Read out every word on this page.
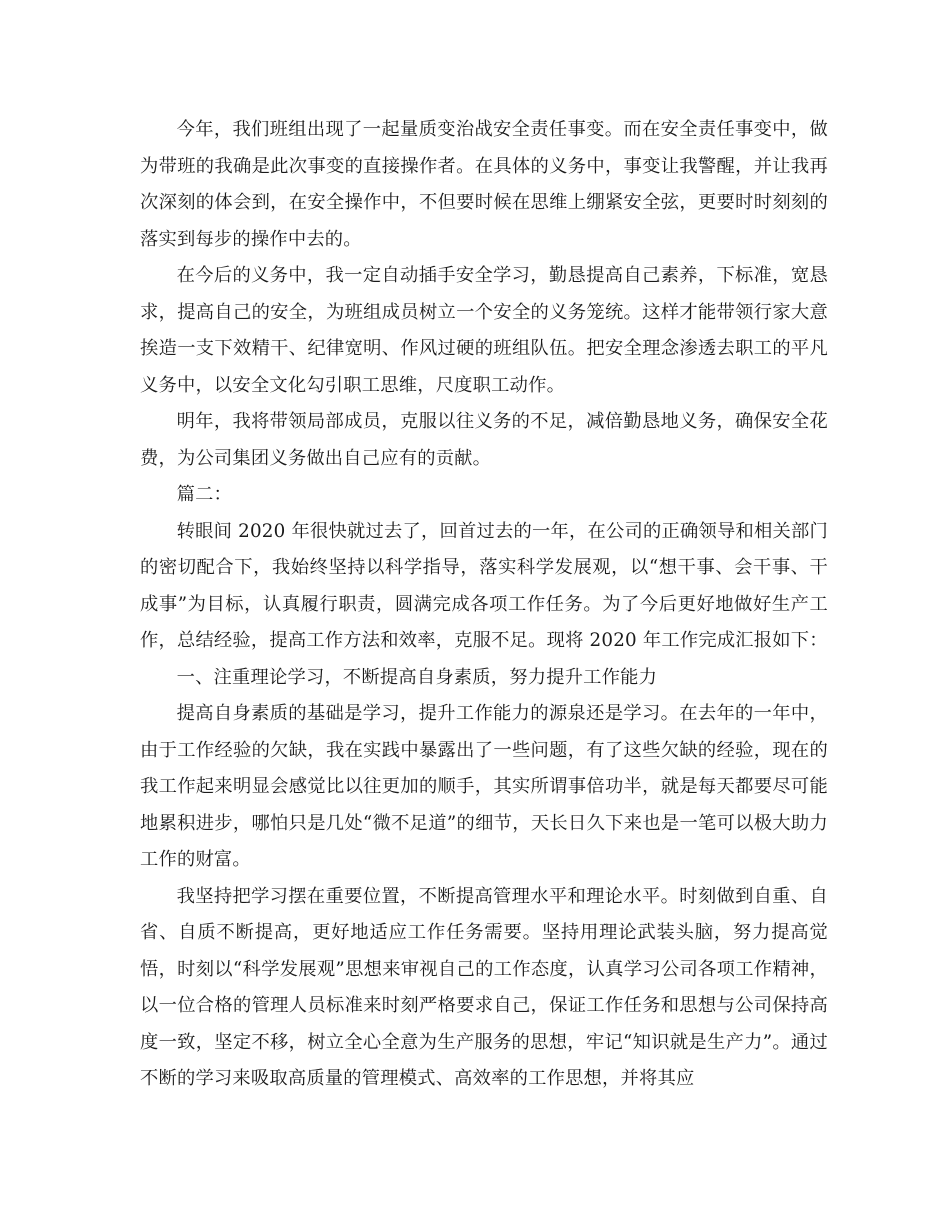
今年，我们班组出现了一起量质变治战安全责任事变。而在安全责任事变中，做为带班的我确是此次事变的直接操作者。在具体的义务中，事变让我警醒，并让我再次深刻的体会到，在安全操作中，不但要时候在思维上绷紧安全弦，更要时时刻刻的落实到每步的操作中去的。

在今后的义务中，我一定自动插手安全学习，勤恳提高自己素养，下标准，宽恳求，提高自己的安全，为班组成员树立一个安全的义务笼统。这样才能带领行家大意挨造一支下效精干、纪律宽明、作风过硬的班组队伍。把安全理念渗透去职工的平凡义务中，以安全文化勾引职工思维，尺度职工动作。

明年，我将带领局部成员，克服以往义务的不足，减倍勤恳地义务，确保安全花费，为公司集团义务做出自己应有的贡献。

篇二：

转眼间 2020 年很快就过去了，回首过去的一年，在公司的正确领导和相关部门的密切配合下，我始终坚持以科学指导，落实科学发展观，以“想干事、会干事、干成事”为目标，认真履行职责，圆满完成各项工作任务。为了今后更好地做好生产工作，总结经验，提高工作方法和效率，克服不足。现将 2020 年工作完成汇报如下：

一、注重理论学习，不断提高自身素质，努力提升工作能力

提高自身素质的基础是学习，提升工作能力的源泉还是学习。在去年的一年中，由于工作经验的欠缺，我在实践中暴露出了一些问题，有了这些欠缺的经验，现在的我工作起来明显会感觉比以往更加的顺手，其实所谓事倍功半，就是每天都要尽可能地累积进步，哪怕只是几处“微不足道”的细节，天长日久下来也是一笔可以极大助力工作的财富。

我坚持把学习摆在重要位置，不断提高管理水平和理论水平。时刻做到自重、自省、自质不断提高，更好地适应工作任务需要。坚持用理论武装头脑，努力提高觉悟，时刻以“科学发展观”思想来审视自己的工作态度，认真学习公司各项工作精神，以一位合格的管理人员标准来时刻严格要求自己，保证工作任务和思想与公司保持高度一致，坚定不移，树立全心全意为生产服务的思想，牢记“知识就是生产力”。通过不断的学习来吸取高质量的管理模式、高效率的工作思想，并将其应
